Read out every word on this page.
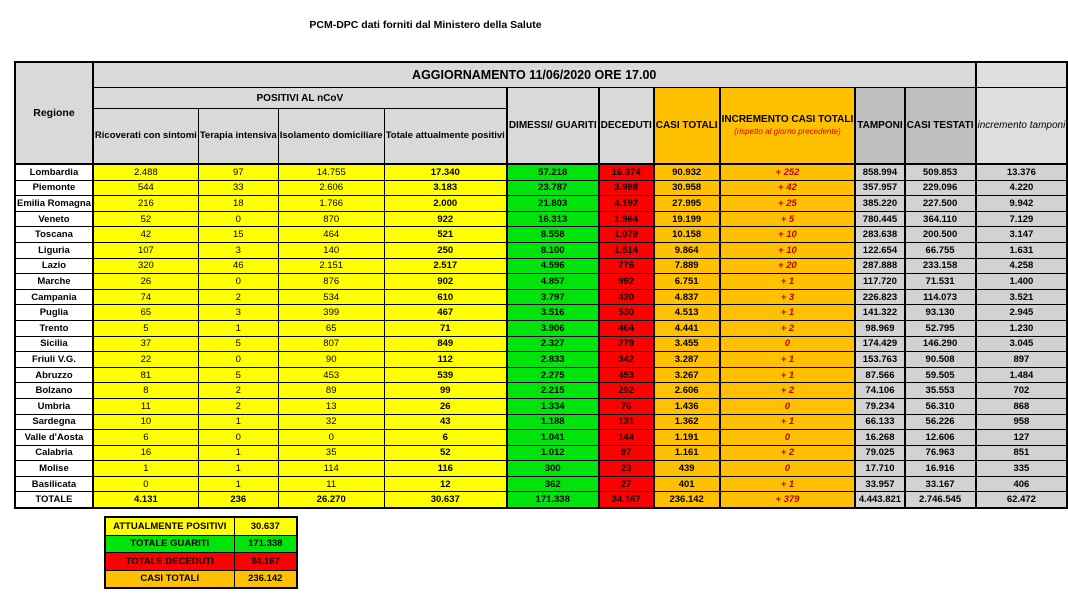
PCM-DPC dati forniti dal Ministero della Salute
Regione	AGGIORNAMENTO 11/06/2020 ORE 17.00										
	POSITIVI AL nCoV				DIMESSI/ GUARITI	DECEDUTI	CASI TOTALI	INCREMENTO CASI TOTALI
(rispetto al giorno precedente)	TAMPONI	CASI TESTATI	incremento tamponi
	Ricoverati con sintomi	Terapia intensiva	Isolamento domiciliare	Totale attualmente positivi							
Lombardia	2.488	97	14.755	17.340	57.218	16.374	90.932	+ 252	858.994	509.853	13.376
Piemonte	544	33	2.606	3.183	23.787	3.988	30.958	+ 42	357.957	229.096	4.220
Emilia Romagna	216	18	1.766	2.000	21.803	4.192	27.995	+ 25	385.220	227.500	9.942
Veneto	52	0	870	922	16.313	1.964	19.199	+ 5	780.445	364.110	7.129
Toscana	42	15	464	521	8.558	1.079	10.158	+ 10	283.638	200.500	3.147
Liguria	107	3	140	250	8.100	1.514	9.864	+ 10	122.654	66.755	1.631
Lazio	320	46	2.151	2.517	4.596	776	7.889	+ 20	287.888	233.158	4.258
Marche	26	0	876	902	4.857	992	6.751	+ 1	117.720	71.531	1.400
Campania	74	2	534	610	3.797	430	4.837	+ 3	226.823	114.073	3.521
Puglia	65	3	399	467	3.516	530	4.513	+ 1	141.322	93.130	2.945
Trento	5	1	65	71	3.906	464	4.441	+ 2	98.969	52.795	1.230
Sicilia	37	5	807	849	2.327	279	3.455	0	174.429	146.290	3.045
Friuli V.G.	22	0	90	112	2.833	342	3.287	+ 1	153.763	90.508	897
Abruzzo	81	5	453	539	2.275	453	3.267	+ 1	87.566	59.505	1.484
Bolzano	8	2	89	99	2.215	292	2.606	+ 2	74.106	35.553	702
Umbria	11	2	13	26	1.334	76	1.436	0	79.234	56.310	868
Sardegna	10	1	32	43	1.188	131	1.362	+ 1	66.133	56.226	958
Valle d'Aosta	6	0	0	6	1.041	144	1.191	0	16.268	12.606	127
Calabria	16	1	35	52	1.012	97	1.161	+ 2	79.025	76.963	851
Molise	1	1	114	116	300	23	439	0	17.710	16.916	335
Basilicata	0	1	11	12	362	27	401	+ 1	33.957	33.167	406
TOTALE	4.131	236	26.270	30.637	171.338	34.167	236.142	+ 379	4.443.821	2.746.545	62.472
ATTUALMENTE POSITIVI	30.637
TOTALE GUARITI	171.338
TOTALE DECEDUTI	34.167
CASI TOTALI	236.142
